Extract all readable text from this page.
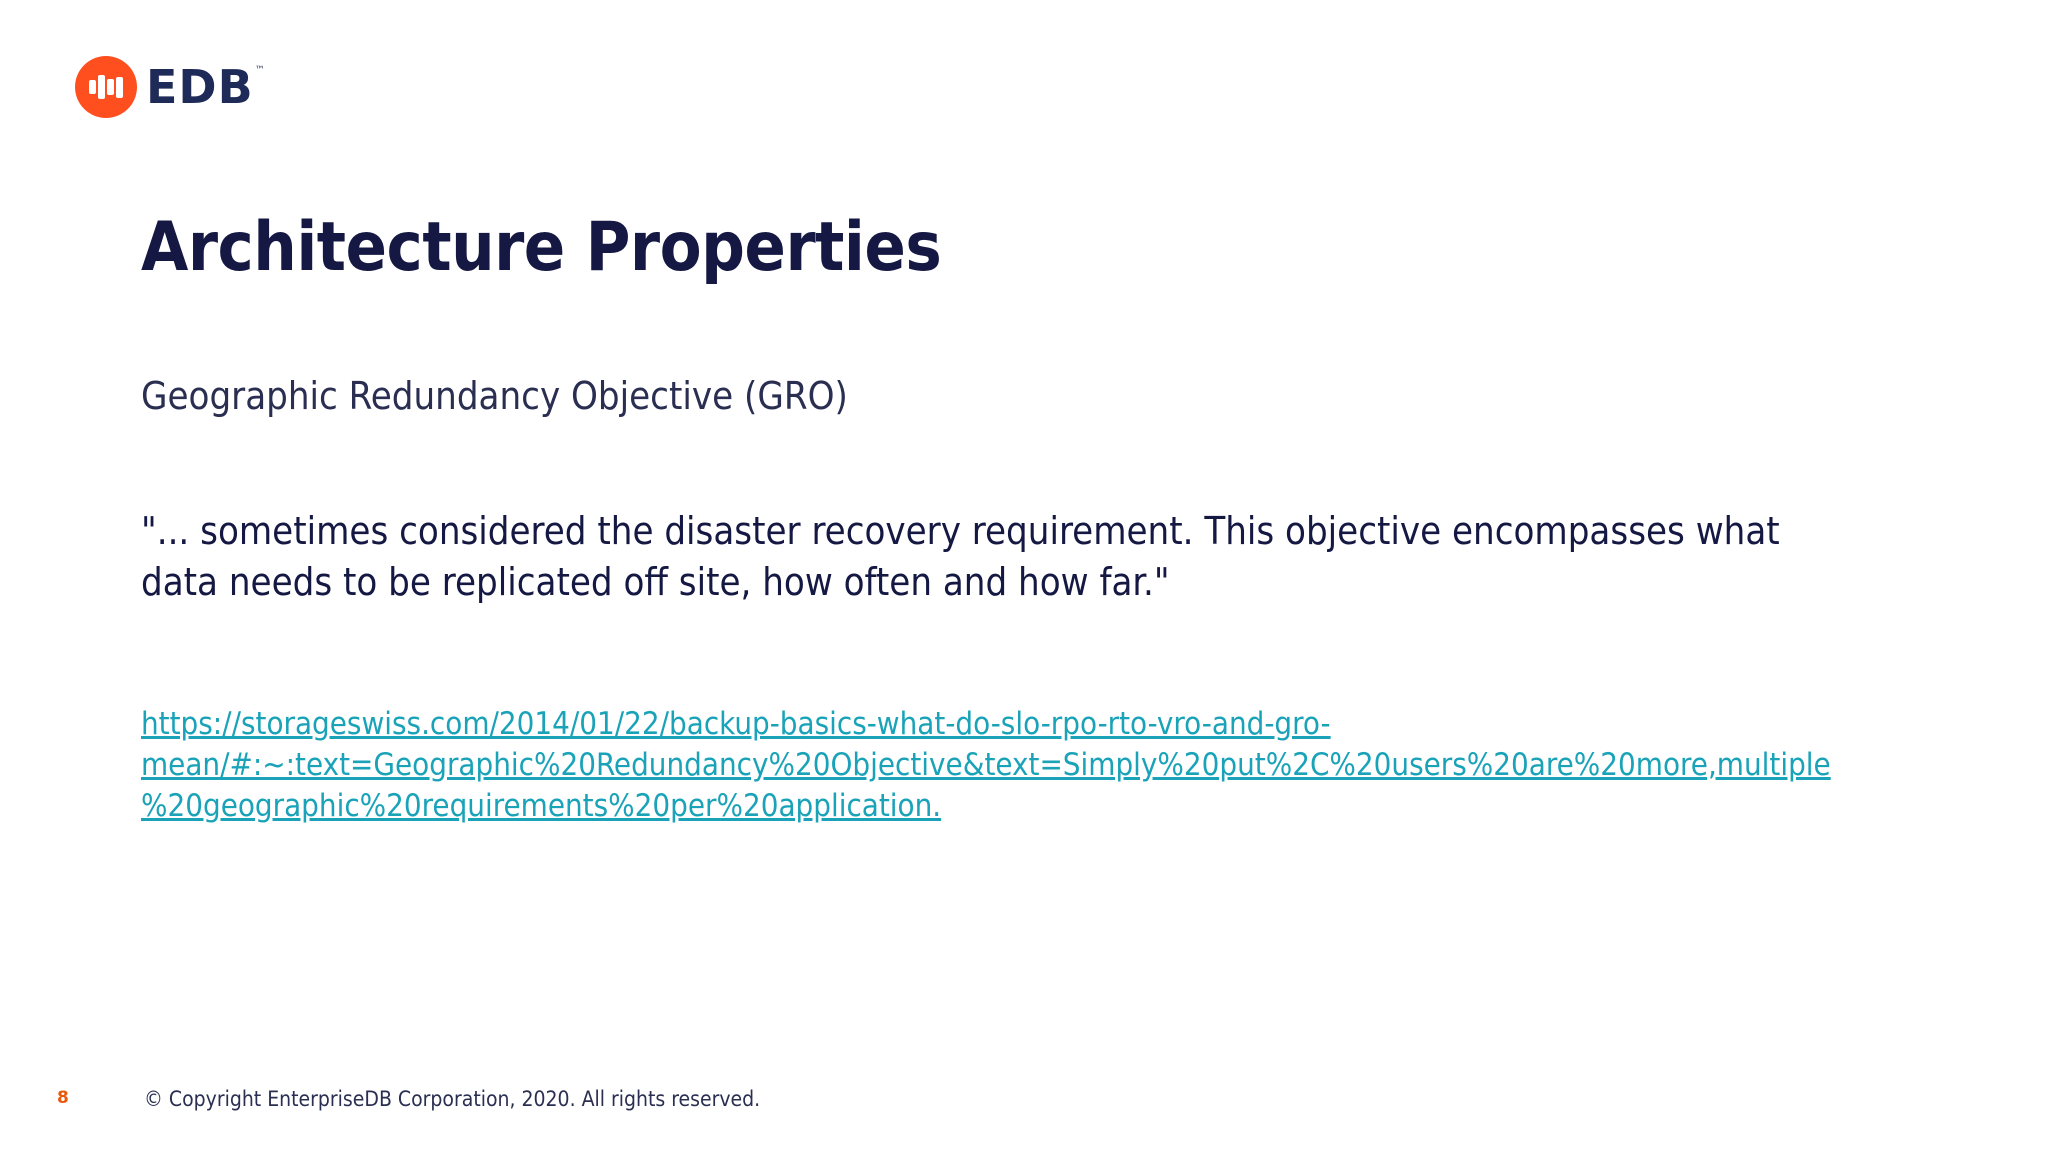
EDB ™
Architecture Properties

Geographic Redundancy Objective (GRO)

"... sometimes considered the disaster recovery requirement. This objective encompasses what
data needs to be replicated off site, how often and how far."

https://storageswiss.com/2014/01/22/backup-basics-what-do-slo-rpo-rto-vro-and-gro-
mean/#:~:text=Geographic%20Redundancy%20Objective&text=Simply%20put%2C%20users%20are%20more,multiple
%20geographic%20requirements%20per%20application.
8	© Copyright EnterpriseDB Corporation, 2020. All rights reserved.
